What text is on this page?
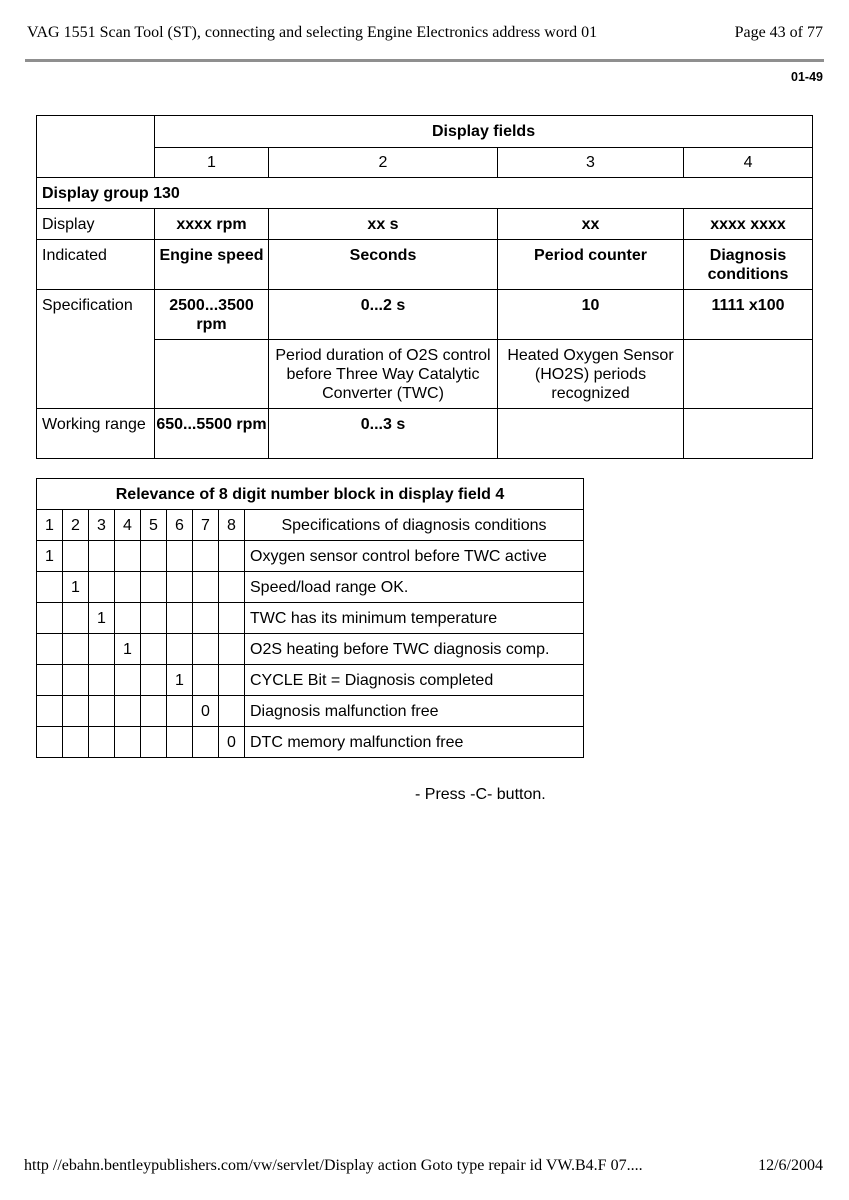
VAG 1551 Scan Tool (ST), connecting and selecting Engine Electronics address word 01	Page 43 of 77
01-49
	Display fields			
	1	2	3	4
Display group 130				
Display	xxxx rpm	xx s	xx	xxxx xxxx
Indicated	Engine speed	Seconds	Period counter	Diagnosis conditions
Specification	2500...3500 rpm	0...2 s	10	1111 x100
		Period duration of O2S control before Three Way Catalytic Converter (TWC)	Heated Oxygen Sensor (HO2S) periods recognized	
Working range	650...5500 rpm	0...3 s		
Relevance of 8 digit number block in display field 4								
1	2	3	4	5	6	7	8	Specifications of diagnosis conditions
1								Oxygen sensor control before TWC active
	1							Speed/load range OK.
		1						TWC has its minimum temperature
			1					O2S heating before TWC diagnosis comp.
					1			CYCLE Bit = Diagnosis completed
						0		Diagnosis malfunction free
							0	DTC memory malfunction free
- Press -C- button.
http //ebahn.bentleypublishers.com/vw/servlet/Display action Goto type repair id VW.B4.F 07....	12/6/2004
